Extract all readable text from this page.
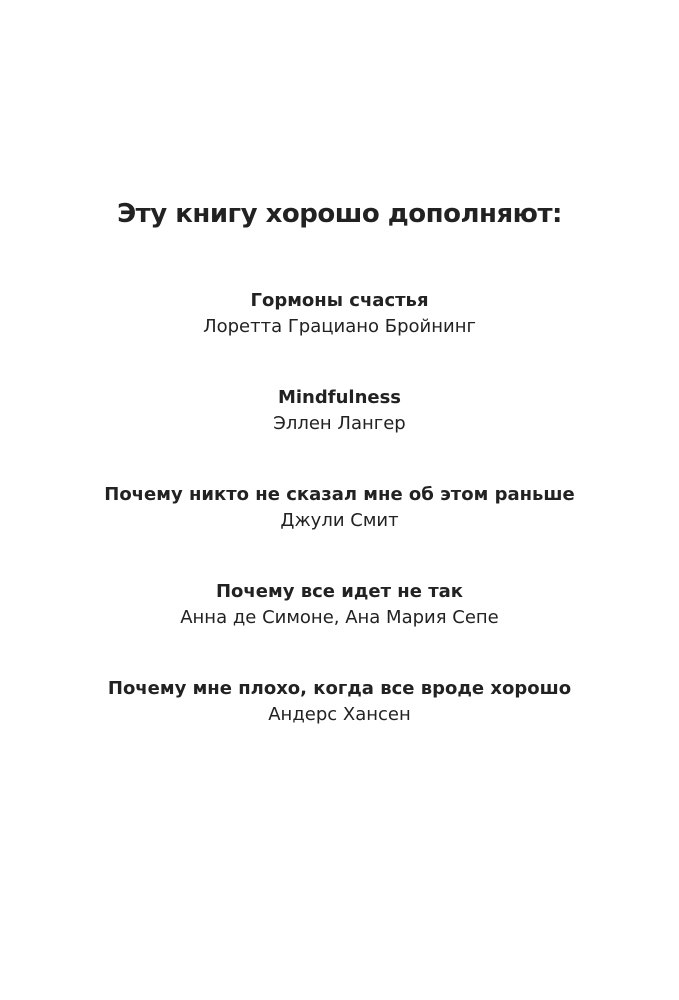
Эту книгу хорошо дополняют:
Гормоны счастья
Лоретта Грациано Бройнинг
Mindfulness
Эллен Лангер
Почему никто не сказал мне об этом раньше
Джули Смит
Почему все идет не так
Анна де Симоне, Ана Мария Сепе
Почему мне плохо, когда все вроде хорошо
Андерс Хансен
